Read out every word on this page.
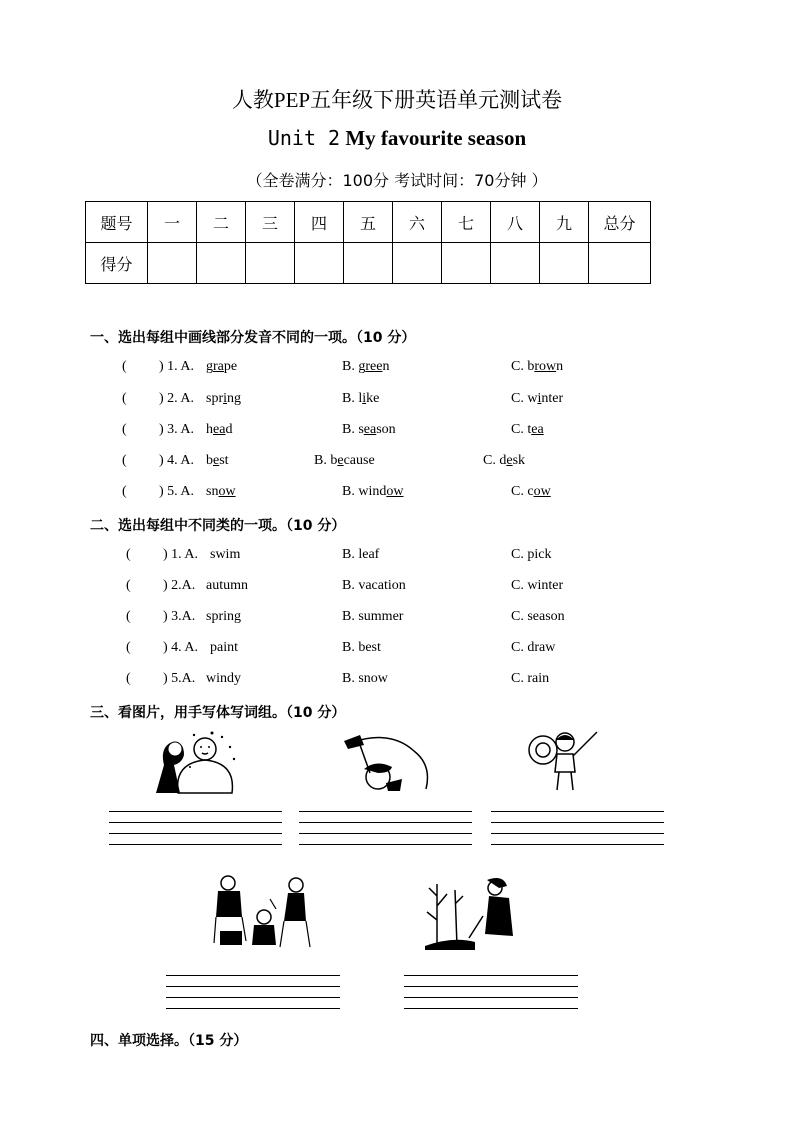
人教PEP五年级下册英语单元测试卷
Unit 2 My favourite season
（全卷满分：100分 考试时间：70分钟 ）
题号	一	二	三	四	五	六	七	八	九	总分
得分										
一、选出每组中画线部分发音不同的一项。（10 分）
( ) 1. A. grape	B. green	C. brown
( ) 2. A. spring	B. like	C. winter
( ) 3. A. head	B. season	C. tea
( ) 4. A. best	B. because	C. desk
( ) 5. A. snow	B. window	C. cow
二、选出每组中不同类的一项。（10 分）
( ) 1. A. swim	B. leaf	C. pick
( ) 2.A. autumn	B. vacation	C. winter
( ) 3.A. spring	B. summer	C. season
( ) 4. A. paint	B. best	C. draw
( ) 5.A. windy	B. snow	C. rain
三、看图片，用手写体写词组。（10 分）
四、单项选择。（15 分）
